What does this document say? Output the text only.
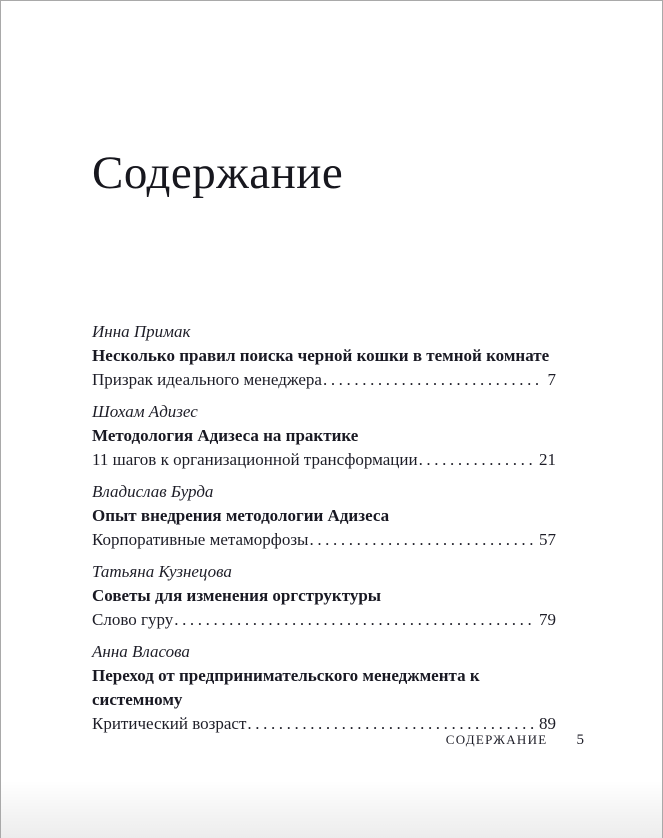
Содержание
Инна Примак
Несколько правил поиска черной кошки в темной комнате
Призрак идеального менеджера .....	7
Шохам Адизес
Методология Адизеса на практике
11 шагов к организационной трансформации .....	21
Владислав Бурда
Опыт внедрения методологии Адизеса
Корпоративные метаморфозы .....	57
Татьяна Кузнецова
Советы для изменения оргструктуры
Слово гуру .....	79
Анна Власова
Переход от предпринимательского менеджмента к системному
Критический возраст .....	89
СОДЕРЖАНИЕ 5
